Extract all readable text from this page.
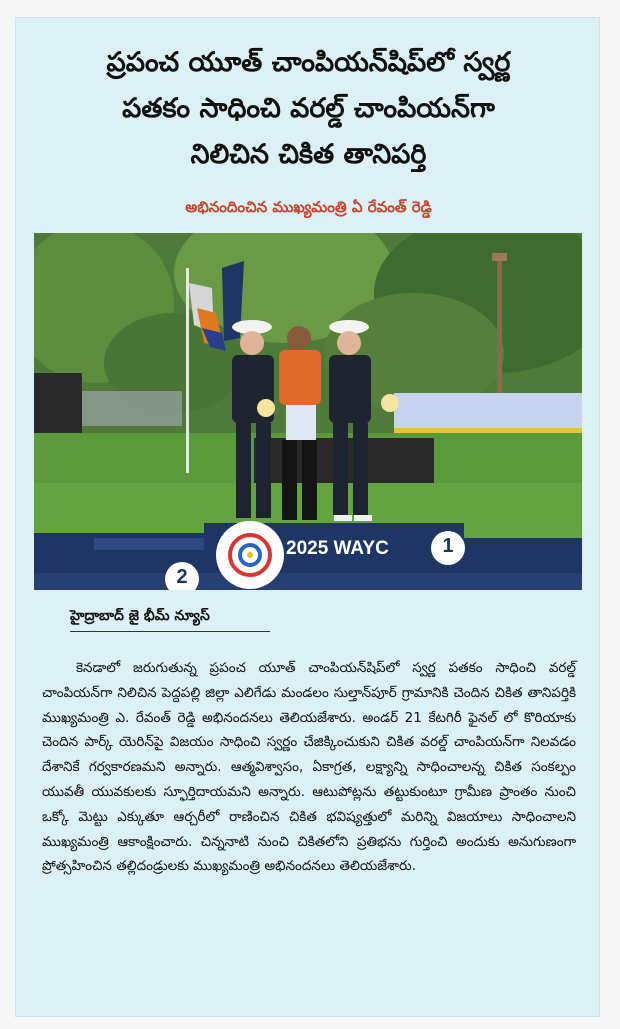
ప్రపంచ యూత్ చాంపియన్‌షిప్‌లో స్వర్ణ
పతకం సాధించి వరల్డ్ చాంపియన్‌గా
నిలిచిన చికిత తానిపర్తి
అభినందించిన ముఖ్యమంత్రి ఏ రేవంత్ రెడ్డి
2025 WAYC	1
2
హైద్రాబాద్ జై భీమ్ న్యూస్
కెనడాలో జరుగుతున్న ప్రపంచ యూత్ చాంపియన్‌షిప్‌లో స్వర్ణ పతకం సాధించి వరల్డ్ చాంపియన్‌గా నిలిచిన పెద్దపల్లి జిల్లా ఎలిగేడు మండలం సుల్తాన్‌పూర్ గ్రామానికి చెందిన చికిత తానిపర్తికి ముఖ్యమంత్రి ఎ. రేవంత్ రెడ్డి అభినందనలు తెలియజేశారు. అండర్ 21 కేటగిరీ ఫైనల్ లో కొరియాకు చెందిన పార్క్ యెరిన్‌పై విజయం సాధించి స్వర్ణం చేజిక్కించుకుని చికిత వరల్డ్ చాంపియన్‌గా నిలవడం దేశానికే గర్వకారణమని అన్నారు. ఆత్మవిశ్వాసం, ఏకాగ్రత, లక్ష్యాన్ని సాధించాలన్న చికిత సంకల్పం యువతీ యువకులకు స్ఫూర్తిదాయమని అన్నారు. ఆటుపోట్లను తట్టుకుంటూ గ్రామీణ ప్రాంతం నుంచి ఒక్కో మెట్టు ఎక్కుతూ ఆర్చరీలో రాణించిన చికిత భవిష్యత్తులో మరిన్ని విజయాలు సాధించాలని ముఖ్యమంత్రి ఆకాంక్షించారు. చిన్ననాటి నుంచి చికితలోని ప్రతిభను గుర్తించి అందుకు అనుగుణంగా ప్రోత్సహించిన తల్లిదండ్రులకు ముఖ్యమంత్రి అభినందనలు తెలియజేశారు.
